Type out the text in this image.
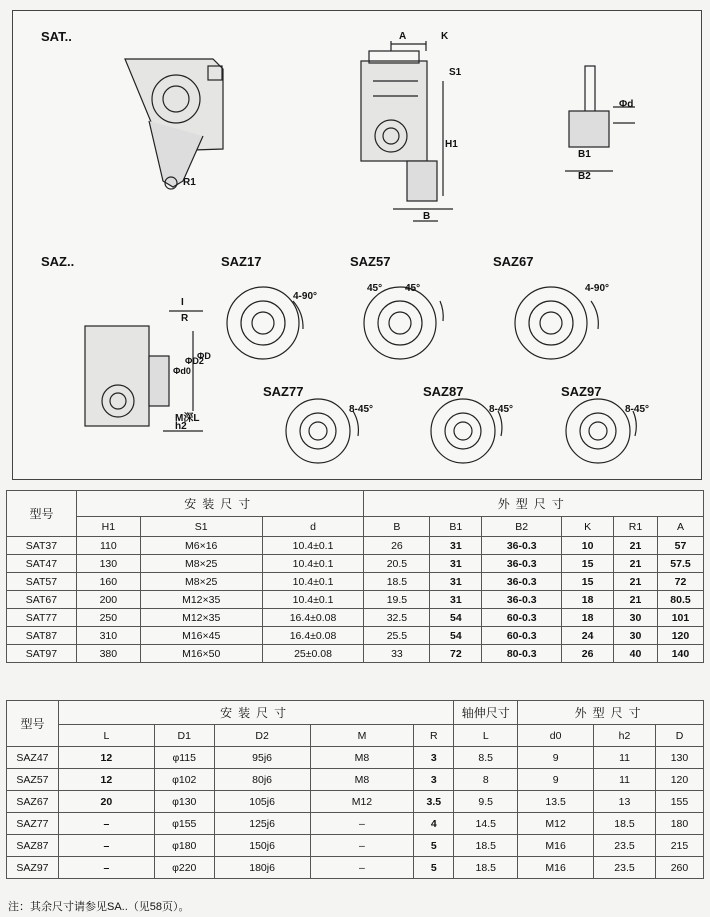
SAT..
SAZ..
A	K
S1
H1
B
R1
Φd
B1
B2
I
R
Φd0
ΦD2
ΦD
M深L
h2
SAZ17
4-90°
SAZ57
45° 45°
SAZ67
4-90°
SAZ77
8-45°
SAZ87
8-45°
SAZ97
8-45°
型号	安装尺寸			外型尺寸					
	H1	S1	d	B	B1	B2	K	R1	A
SAT37	110	M6×16	10.4±0.1	26	31	36-0.3	10	21	57
SAT47	130	M8×25	10.4±0.1	20.5	31	36-0.3	15	21	57.5
SAT57	160	M8×25	10.4±0.1	18.5	31	36-0.3	15	21	72
SAT67	200	M12×35	10.4±0.1	19.5	31	36-0.3	18	21	80.5
SAT77	250	M12×35	16.4±0.08	32.5	54	60-0.3	18	30	101
SAT87	310	M16×45	16.4±0.08	25.5	54	60-0.3	24	30	120
SAT97	380	M16×50	25±0.08	33	72	80-0.3	26	40	140
型号	安装尺寸					轴伸尺寸	外型尺寸		
	L	D1	D2	M	R	L	d0	h2	D
SAZ47	12	φ115	95j6	M8	3	8.5	9	11	130
SAZ57	12	φ102	80j6	M8	3	8	9	11	120
SAZ67	20	φ130	105j6	M12	3.5	9.5	13.5	13	155
SAZ77	–	φ155	125j6	–	4	14.5	M12	18.5	180
SAZ87	–	φ180	150j6	–	5	18.5	M16	23.5	215
SAZ97	–	φ220	180j6	–	5	18.5	M16	23.5	260
注：其余尺寸请参见SA..（见58页）。
